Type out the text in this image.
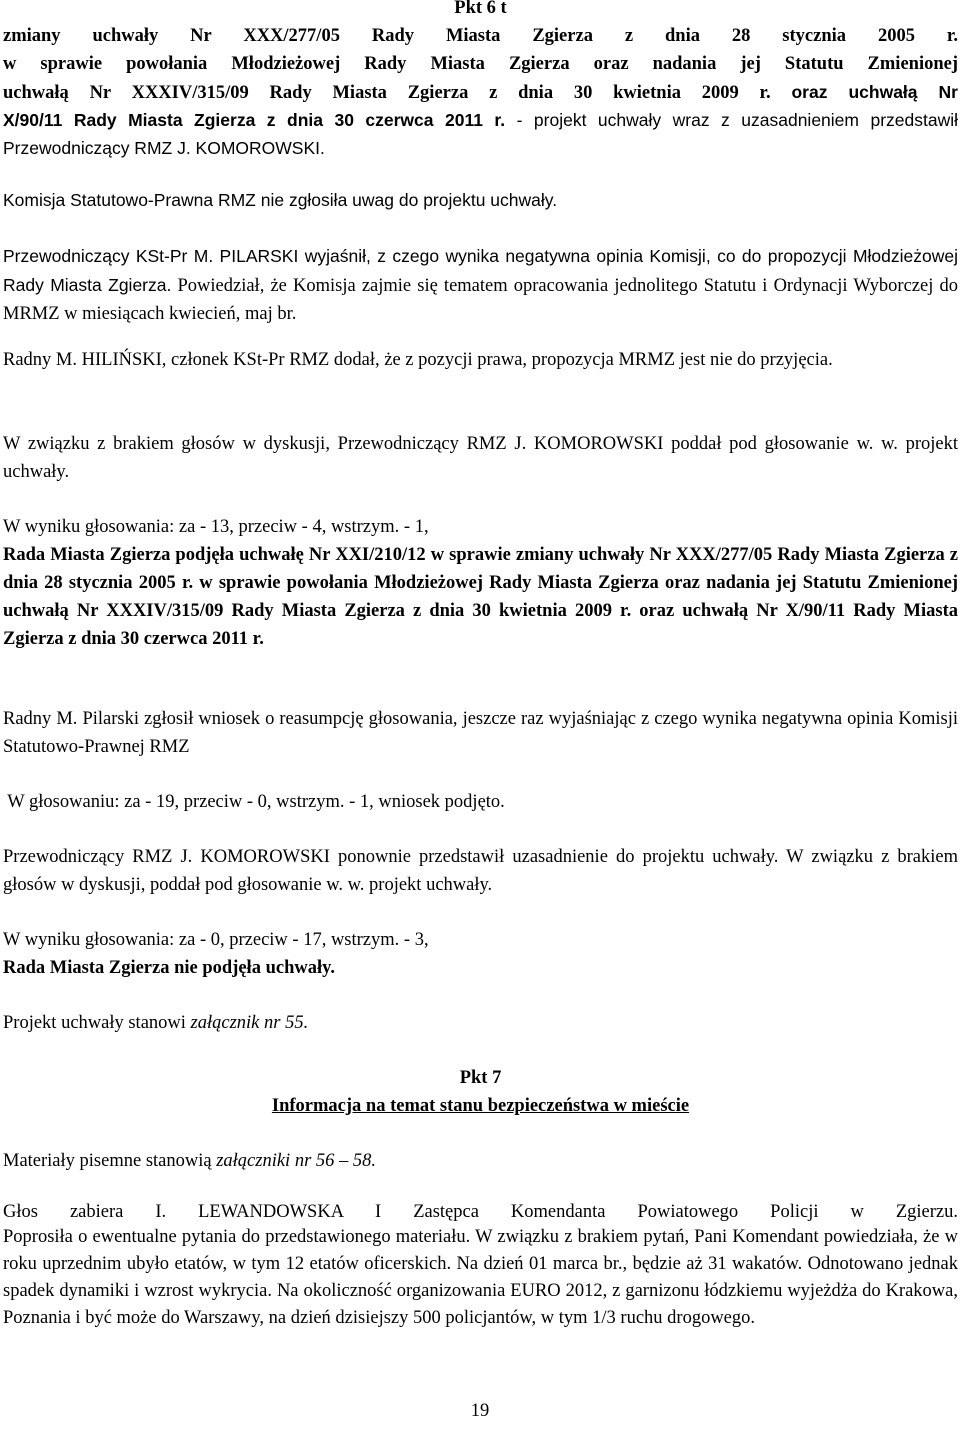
Pkt 6 t
zmiany uchwały Nr XXX/277/05 Rady Miasta Zgierza z dnia 28 stycznia 2005 r.
w sprawie powołania Młodzieżowej Rady Miasta Zgierza oraz nadania jej Statutu Zmienionej
uchwałą Nr XXXIV/315/09 Rady Miasta Zgierza z dnia 30 kwietnia 2009 r. oraz uchwałą Nr
X/90/11 Rady Miasta Zgierza z dnia 30 czerwca 2011 r. - projekt uchwały wraz z uzasadnieniem przedstawił Przewodniczący RMZ J. KOMOROWSKI.
Komisja Statutowo-Prawna RMZ nie zgłosiła uwag do projektu uchwały.
Przewodniczący KSt-Pr M. PILARSKI wyjaśnił, z czego wynika negatywna opinia Komisji, co do propozycji Młodzieżowej Rady Miasta Zgierza. Powiedział, że Komisja zajmie się tematem opracowania jednolitego Statutu i Ordynacji Wyborczej do MRMZ w miesiącach kwiecień, maj br.
Radny M. HILIŃSKI, członek KSt-Pr RMZ dodał, że z pozycji prawa, propozycja MRMZ jest nie do przyjęcia.
W związku z brakiem głosów w dyskusji, Przewodniczący RMZ J. KOMOROWSKI poddał pod głosowanie w. w. projekt uchwały.
W wyniku głosowania: za - 13, przeciw - 4, wstrzym. - 1,
Rada Miasta Zgierza podjęła uchwałę Nr XXI/210/12 w sprawie zmiany uchwały Nr XXX/277/05 Rady Miasta Zgierza z dnia 28 stycznia 2005 r. w sprawie powołania Młodzieżowej Rady Miasta Zgierza oraz nadania jej Statutu Zmienionej uchwałą Nr XXXIV/315/09 Rady Miasta Zgierza z dnia 30 kwietnia 2009 r. oraz uchwałą Nr X/90/11 Rady Miasta Zgierza z dnia 30 czerwca 2011 r.
Radny M. Pilarski zgłosił wniosek o reasumpcję głosowania, jeszcze raz wyjaśniając z czego wynika negatywna opinia Komisji Statutowo-Prawnej RMZ
W głosowaniu: za - 19, przeciw - 0, wstrzym. - 1, wniosek podjęto.
Przewodniczący RMZ J. KOMOROWSKI ponownie przedstawił uzasadnienie do projektu uchwały. W związku z brakiem głosów w dyskusji, poddał pod głosowanie w. w. projekt uchwały.
W wyniku głosowania: za - 0, przeciw - 17, wstrzym. - 3,
Rada Miasta Zgierza nie podjęła uchwały.
Projekt uchwały stanowi załącznik nr 55.
Pkt 7
Informacja na temat stanu bezpieczeństwa w mieście
Materiały pisemne stanowią załączniki nr 56 – 58.
Głos zabiera I. LEWANDOWSKA I Zastępca Komendanta Powiatowego Policji w Zgierzu.
Poprosiła o ewentualne pytania do przedstawionego materiału. W związku z brakiem pytań, Pani Komendant powiedziała, że w roku uprzednim ubyło etatów, w tym 12 etatów oficerskich. Na dzień 01 marca br., będzie aż 31 wakatów. Odnotowano jednak spadek dynamiki i wzrost wykrycia. Na okoliczność organizowania EURO 2012, z garnizonu łódzkiemu wyjeżdża do Krakowa, Poznania i być może do Warszawy, na dzień dzisiejszy 500 policjantów, w tym 1/3 ruchu drogowego.
19
